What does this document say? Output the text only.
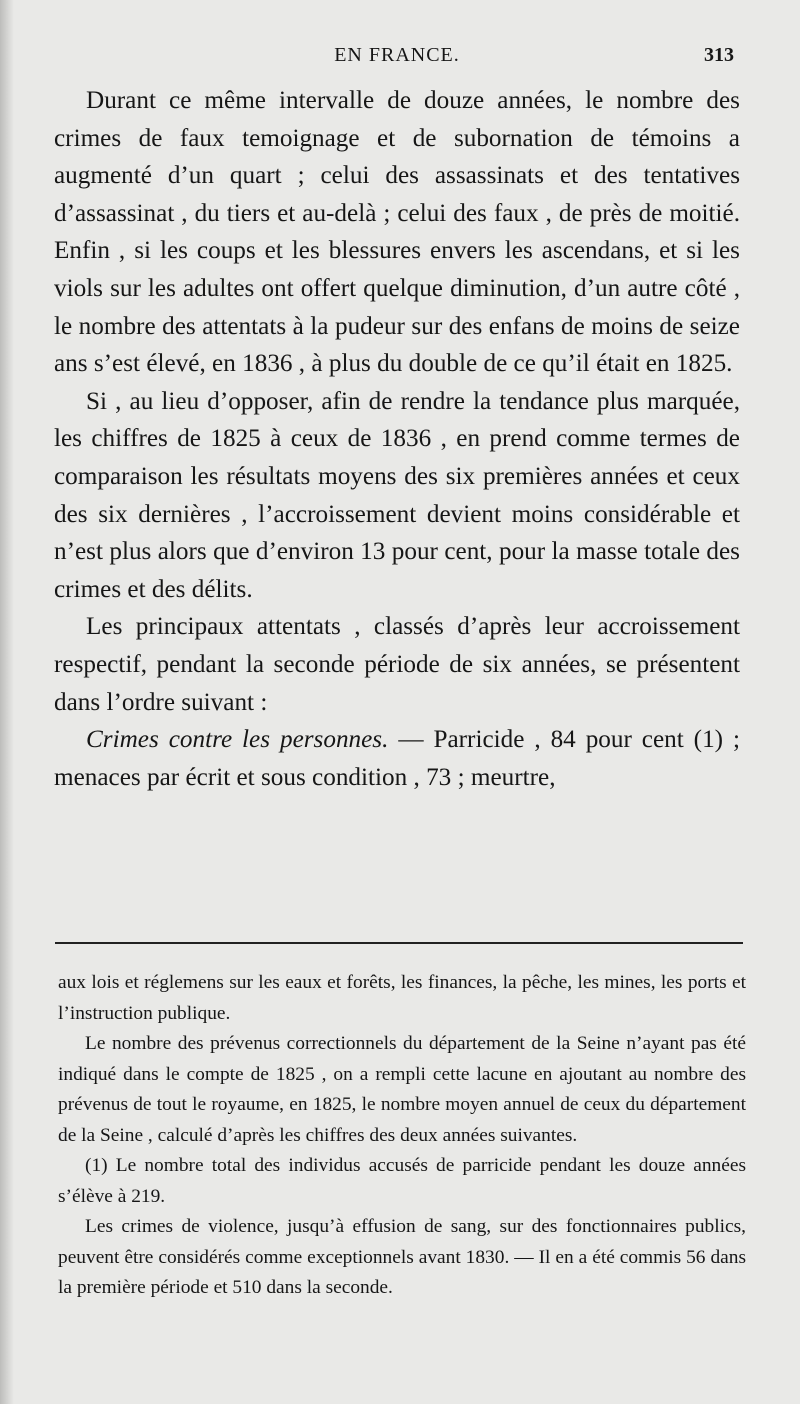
EN FRANCE.	313

Durant ce même intervalle de douze années, le nombre des crimes de faux temoignage et de subornation de témoins a augmenté d’un quart ; celui des assassinats et des tentatives d’assassinat , du tiers et au-delà ; celui des faux , de près de moitié. Enfin , si les coups et les blessures envers les ascendans, et si les viols sur les adultes ont offert quelque diminution, d’un autre côté , le nombre des attentats à la pudeur sur des enfans de moins de seize ans s’est élevé, en 1836 , à plus du double de ce qu’il était en 1825.

Si , au lieu d’opposer, afin de rendre la tendance plus marquée, les chiffres de 1825 à ceux de 1836 , en prend comme termes de comparaison les résultats moyens des six premières années et ceux des six dernières , l’accroissement devient moins considérable et n’est plus alors que d’environ 13 pour cent, pour la masse totale des crimes et des délits.

Les principaux attentats , classés d’après leur accroissement respectif, pendant la seconde période de six années, se présentent dans l’ordre suivant :

Crimes contre les personnes. — Parricide , 84 pour cent (1) ; menaces par écrit et sous condition , 73 ; meurtre,

aux lois et réglemens sur les eaux et forêts, les finances, la pêche, les mines, les ports et l’instruction publique.

Le nombre des prévenus correctionnels du département de la Seine n’ayant pas été indiqué dans le compte de 1825 , on a rempli cette lacune en ajoutant au nombre des prévenus de tout le royaume, en 1825, le nombre moyen annuel de ceux du département de la Seine , calculé d’après les chiffres des deux années suivantes.

(1) Le nombre total des individus accusés de parricide pendant les douze années s’élève à 219.

Les crimes de violence, jusqu’à effusion de sang, sur des fonctionnaires publics, peuvent être considérés comme exceptionnels avant 1830. — Il en a été commis 56 dans la première période et 510 dans la seconde.
